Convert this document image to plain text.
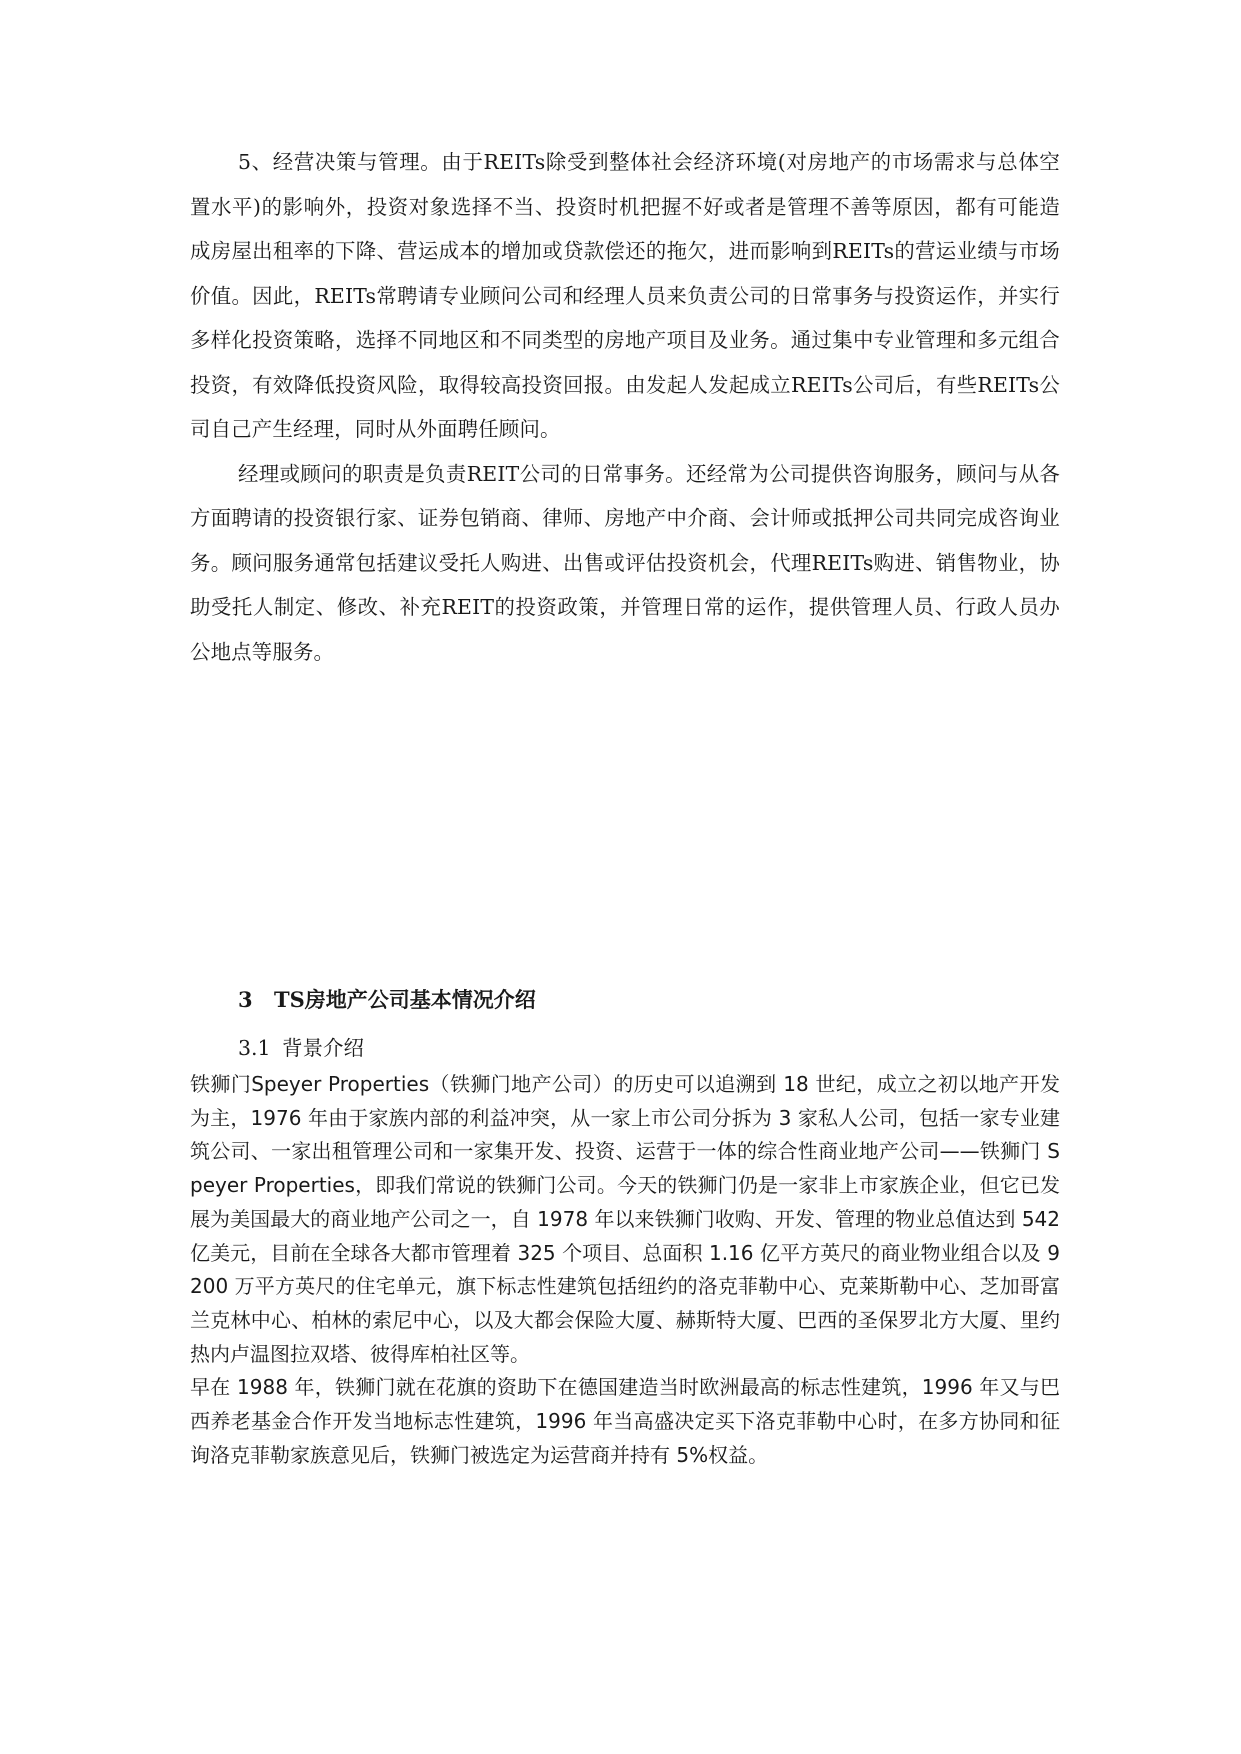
5、经营决策与管理。由于REITs除受到整体社会经济环境(对房地产的市场需求与总体空置水平)的影响外，投资对象选择不当、投资时机把握不好或者是管理不善等原因，都有可能造成房屋出租率的下降、营运成本的增加或贷款偿还的拖欠，进而影响到REITs的营运业绩与市场价值。因此，REITs常聘请专业顾问公司和经理人员来负责公司的日常事务与投资运作，并实行多样化投资策略，选择不同地区和不同类型的房地产项目及业务。通过集中专业管理和多元组合投资，有效降低投资风险，取得较高投资回报。由发起人发起成立REITs公司后，有些REITs公司自己产生经理，同时从外面聘任顾问。

经理或顾问的职责是负责REIT公司的日常事务。还经常为公司提供咨询服务，顾问与从各方面聘请的投资银行家、证券包销商、律师、房地产中介商、会计师或抵押公司共同完成咨询业务。顾问服务通常包括建议受托人购进、出售或评估投资机会，代理REITs购进、销售物业，协助受托人制定、修改、补充REIT的投资政策，并管理日常的运作，提供管理人员、行政人员办公地点等服务。

3 TS房地产公司基本情况介绍
3.1 背景介绍

铁狮门Speyer Properties（铁狮门地产公司）的历史可以追溯到 18 世纪，成立之初以地产开发为主，1976 年由于家族内部的利益冲突，从一家上市公司分拆为 3 家私人公司，包括一家专业建筑公司、一家出租管理公司和一家集开发、投资、运营于一体的综合性商业地产公司——铁狮门 Speyer Properties，即我们常说的铁狮门公司。今天的铁狮门仍是一家非上市家族企业，但它已发展为美国最大的商业地产公司之一，自 1978 年以来铁狮门收购、开发、管理的物业总值达到 542 亿美元，目前在全球各大都市管理着 325 个项目、总面积 1.16 亿平方英尺的商业物业组合以及 9200 万平方英尺的住宅单元，旗下标志性建筑包括纽约的洛克菲勒中心、克莱斯勒中心、芝加哥富兰克林中心、柏林的索尼中心，以及大都会保险大厦、赫斯特大厦、巴西的圣保罗北方大厦、里约热内卢温图拉双塔、彼得库柏社区等。

早在 1988 年，铁狮门就在花旗的资助下在德国建造当时欧洲最高的标志性建筑，1996 年又与巴西养老基金合作开发当地标志性建筑，1996 年当高盛决定买下洛克菲勒中心时，在多方协同和征询洛克菲勒家族意见后，铁狮门被选定为运营商并持有 5%权益。
